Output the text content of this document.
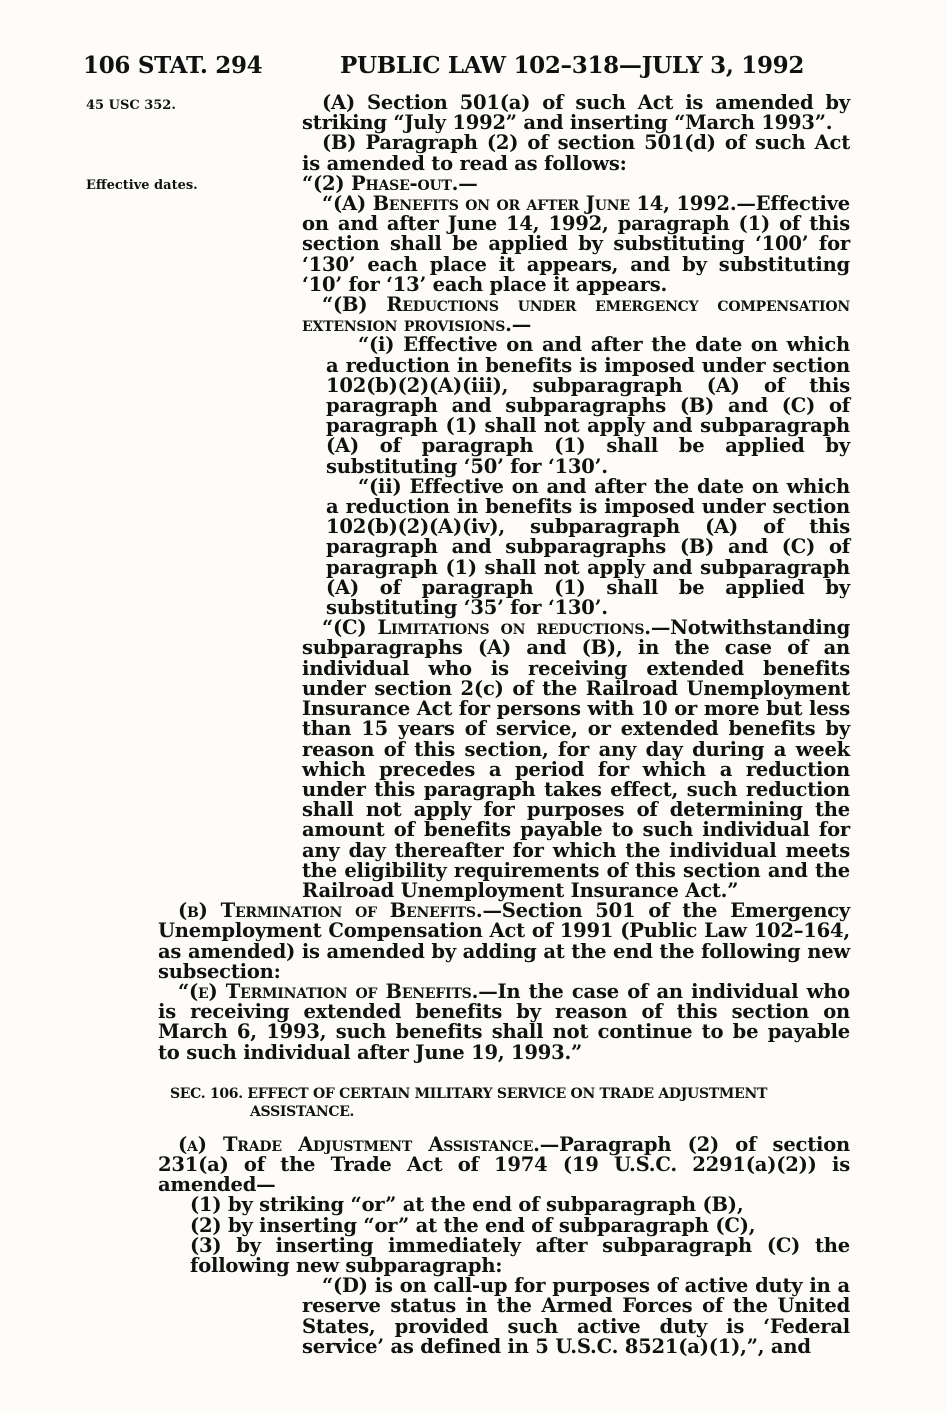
106 STAT. 294	PUBLIC LAW 102–318—JULY 3, 1992
45 USC 352.
Effective dates.

(A) Section 501(a) of such Act is amended by striking “July 1992” and inserting “March 1993”.

(B) Paragraph (2) of section 501(d) of such Act is amended to read as follows:

“(2) Phase-out.—

“(A) Benefits on or after June 14, 1992.—Effective on and after June 14, 1992, paragraph (1) of this section shall be applied by substituting ‘100’ for ‘130’ each place it appears, and by substituting ‘10’ for ‘13’ each place it appears.

“(B) Reductions under emergency compensation extension provisions.—

“(i) Effective on and after the date on which a reduction in benefits is imposed under section 102(b)(2)(A)(iii), subparagraph (A) of this paragraph and subparagraphs (B) and (C) of paragraph (1) shall not apply and subparagraph (A) of paragraph (1) shall be applied by substituting ‘50’ for ‘130’.

“(ii) Effective on and after the date on which a reduction in benefits is imposed under section 102(b)(2)(A)(iv), subparagraph (A) of this paragraph and subparagraphs (B) and (C) of paragraph (1) shall not apply and subparagraph (A) of paragraph (1) shall be applied by substituting ‘35’ for ‘130’.

“(C) Limitations on reductions.—Notwithstanding subparagraphs (A) and (B), in the case of an individual who is receiving extended benefits under section 2(c) of the Railroad Unemployment Insurance Act for persons with 10 or more but less than 15 years of service, or extended benefits by reason of this section, for any day during a week which precedes a period for which a reduction under this paragraph takes effect, such reduction shall not apply for purposes of determining the amount of benefits payable to such individual for any day thereafter for which the individual meets the eligibility requirements of this section and the Railroad Unemployment Insurance Act.”

(b) Termination of Benefits.—Section 501 of the Emergency Unemployment Compensation Act of 1991 (Public Law 102–164, as amended) is amended by adding at the end the following new subsection:

“(e) Termination of Benefits.—In the case of an individual who is receiving extended benefits by reason of this section on March 6, 1993, such benefits shall not continue to be payable to such individual after June 19, 1993.”

SEC. 106. EFFECT OF CERTAIN MILITARY SERVICE ON TRADE ADJUSTMENT ASSISTANCE.

(a) Trade Adjustment Assistance.—Paragraph (2) of section 231(a) of the Trade Act of 1974 (19 U.S.C. 2291(a)(2)) is amended—

(1) by striking “or” at the end of subparagraph (B),

(2) by inserting “or” at the end of subparagraph (C),

(3) by inserting immediately after subparagraph (C) the following new subparagraph:

“(D) is on call-up for purposes of active duty in a reserve status in the Armed Forces of the United States, provided such active duty is ‘Federal service’ as defined in 5 U.S.C. 8521(a)(1),”, and
